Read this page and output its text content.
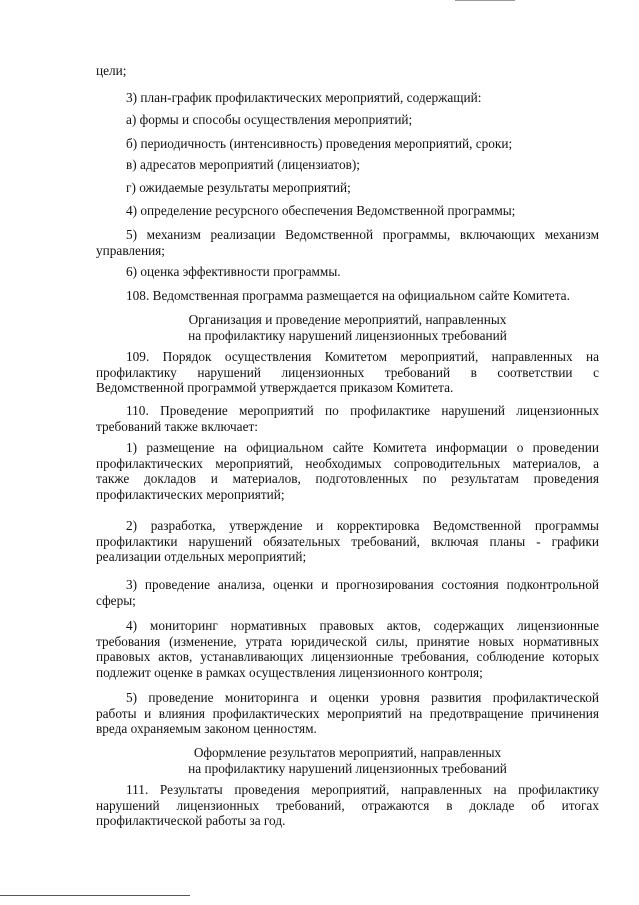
цели;
3) план-график профилактических мероприятий, содержащий:
а) формы и способы осуществления мероприятий;
б) периодичность (интенсивность) проведения мероприятий, сроки;
в) адресатов мероприятий (лицензиатов);
г) ожидаемые результаты мероприятий;
4) определение ресурсного обеспечения Ведомственной программы;
5) механизм реализации Ведомственной программы, включающих механизм
управления;
6) оценка эффективности программы.
108. Ведомственная программа размещается на официальном сайте Комитета.
Организация и проведение мероприятий, направленных
на профилактику нарушений лицензионных требований
109. Порядок осуществления Комитетом мероприятий, направленных на
профилактику нарушений лицензионных требований в соответствии с
Ведомственной программой утверждается приказом Комитета.
110. Проведение мероприятий по профилактике нарушений лицензионных
требований также включает:
1) размещение на официальном сайте Комитета информации о проведении
профилактических мероприятий, необходимых сопроводительных материалов, а
также докладов и материалов, подготовленных по результатам проведения
профилактических мероприятий;
2) разработка, утверждение и корректировка Ведомственной программы
профилактики нарушений обязательных требований, включая планы - графики
реализации отдельных мероприятий;
3) проведение анализа, оценки и прогнозирования состояния подконтрольной
сферы;
4) мониторинг нормативных правовых актов, содержащих лицензионные
требования (изменение, утрата юридической силы, принятие новых нормативных
правовых актов, устанавливающих лицензионные требования, соблюдение которых
подлежит оценке в рамках осуществления лицензионного контроля;
5) проведение мониторинга и оценки уровня развития профилактической
работы и влияния профилактических мероприятий на предотвращение причинения
вреда охраняемым законом ценностям.
Оформление результатов мероприятий, направленных
на профилактику нарушений лицензионных требований
111. Результаты проведения мероприятий, направленных на профилактику
нарушений лицензионных требований, отражаются в докладе об итогах
профилактической работы за год.
